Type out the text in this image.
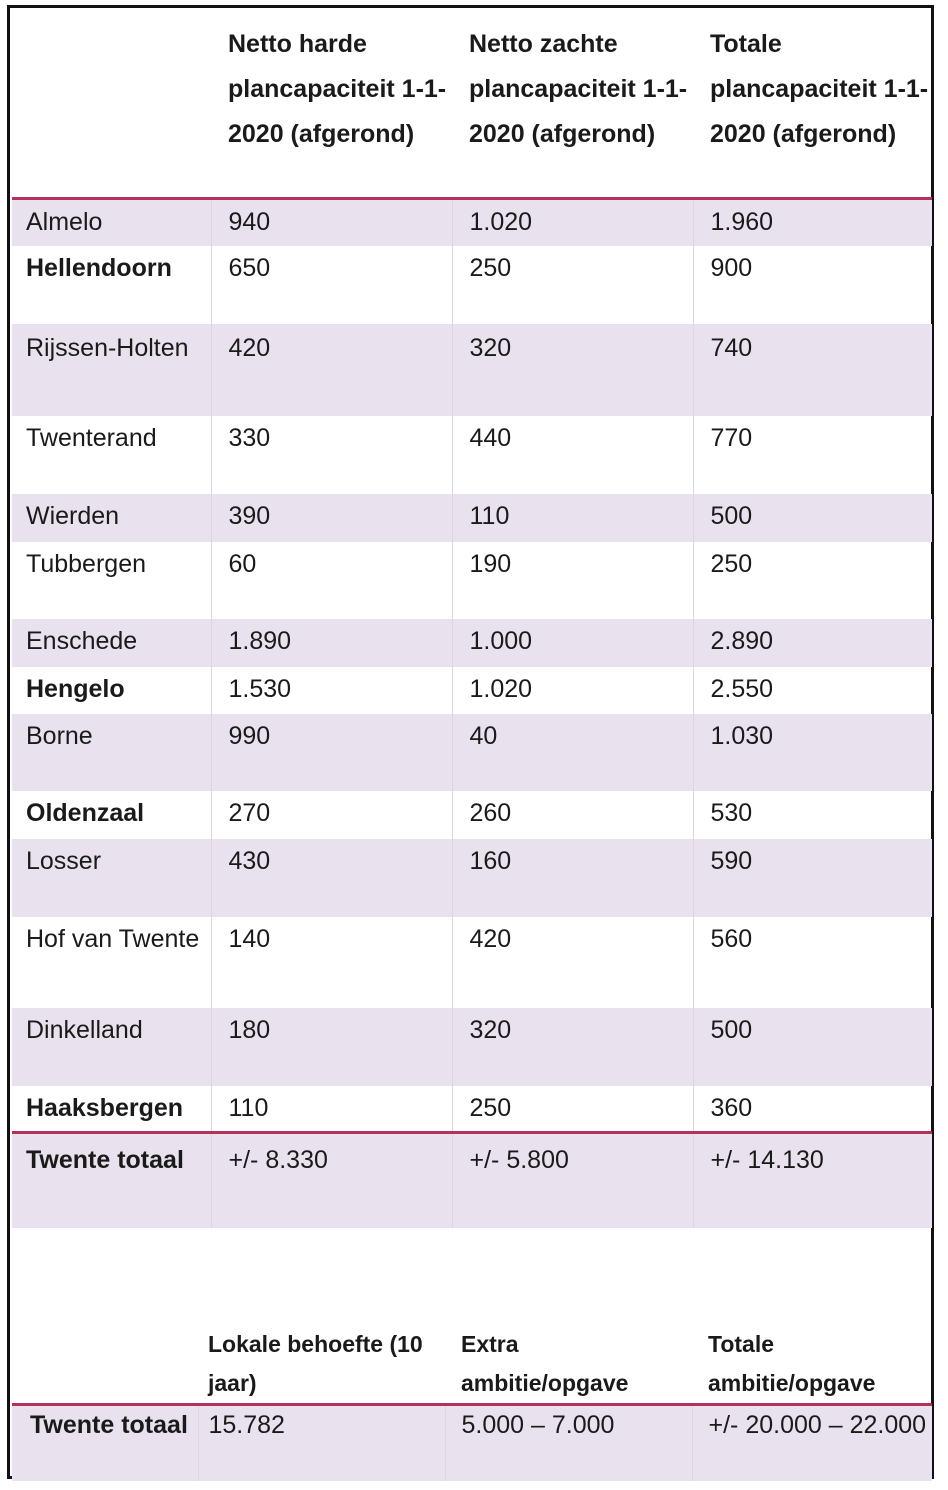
	Netto harde plancapaciteit 1-1-2020 (afgerond)	Netto zachte plancapaciteit 1-1-2020 (afgerond)	Totale plancapaciteit 1-1-2020 (afgerond)
Almelo	940	1.020	1.960
Hellendoorn	650	250	900
Rijssen-Holten	420	320	740
Twenterand	330	440	770
Wierden	390	110	500
Tubbergen	60	190	250
Enschede	1.890	1.000	2.890
Hengelo	1.530	1.020	2.550
Borne	990	40	1.030
Oldenzaal	270	260	530
Losser	430	160	590
Hof van Twente	140	420	560
Dinkelland	180	320	500
Haaksbergen	110	250	360
Twente totaal	+/- 8.330	+/- 5.800	+/- 14.130
	Lokale behoefte (10 jaar)	Extra ambitie/opgave	Totale ambitie/opgave
Twente totaal	15.782	5.000 – 7.000	+/- 20.000 – 22.000
